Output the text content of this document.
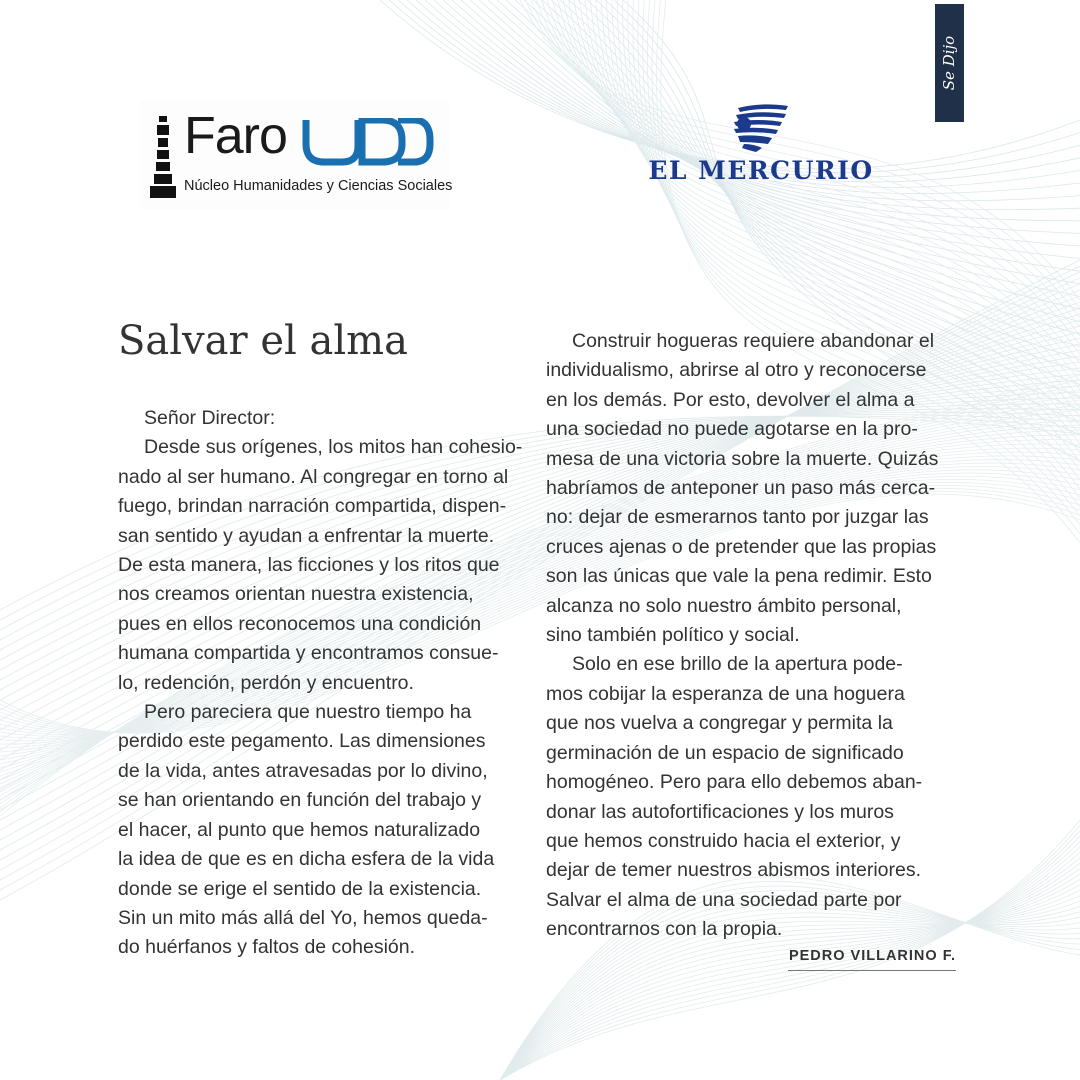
Se Dijo
Faro
Núcleo Humanidades y Ciencias Sociales
EL MERCURIO
Salvar el alma

Señor Director:

Desde sus orígenes, los mitos han cohesio-

nado al ser humano. Al congregar en torno al

fuego, brindan narración compartida, dispen-

san sentido y ayudan a enfrentar la muerte.

De esta manera, las ficciones y los ritos que

nos creamos orientan nuestra existencia,

pues en ellos reconocemos una condición

humana compartida y encontramos consue-

lo, redención, perdón y encuentro.

Pero pareciera que nuestro tiempo ha

perdido este pegamento. Las dimensiones

de la vida, antes atravesadas por lo divino,

se han orientando en función del trabajo y

el hacer, al punto que hemos naturalizado

la idea de que es en dicha esfera de la vida

donde se erige el sentido de la existencia.

Sin un mito más allá del Yo, hemos queda-

do huérfanos y faltos de cohesión.

Construir hogueras requiere abandonar el

individualismo, abrirse al otro y reconocerse

en los demás. Por esto, devolver el alma a

una sociedad no puede agotarse en la pro-

mesa de una victoria sobre la muerte. Quizás

habríamos de anteponer un paso más cerca-

no: dejar de esmerarnos tanto por juzgar las

cruces ajenas o de pretender que las propias

son las únicas que vale la pena redimir. Esto

alcanza no solo nuestro ámbito personal,

sino también político y social.

Solo en ese brillo de la apertura pode-

mos cobijar la esperanza de una hoguera

que nos vuelva a congregar y permita la

germinación de un espacio de significado

homogéneo. Pero para ello debemos aban-

donar las autofortificaciones y los muros

que hemos construido hacia el exterior, y

dejar de temer nuestros abismos interiores.

Salvar el alma de una sociedad parte por

encontrarnos con la propia.

PEDRO VILLARINO F.
